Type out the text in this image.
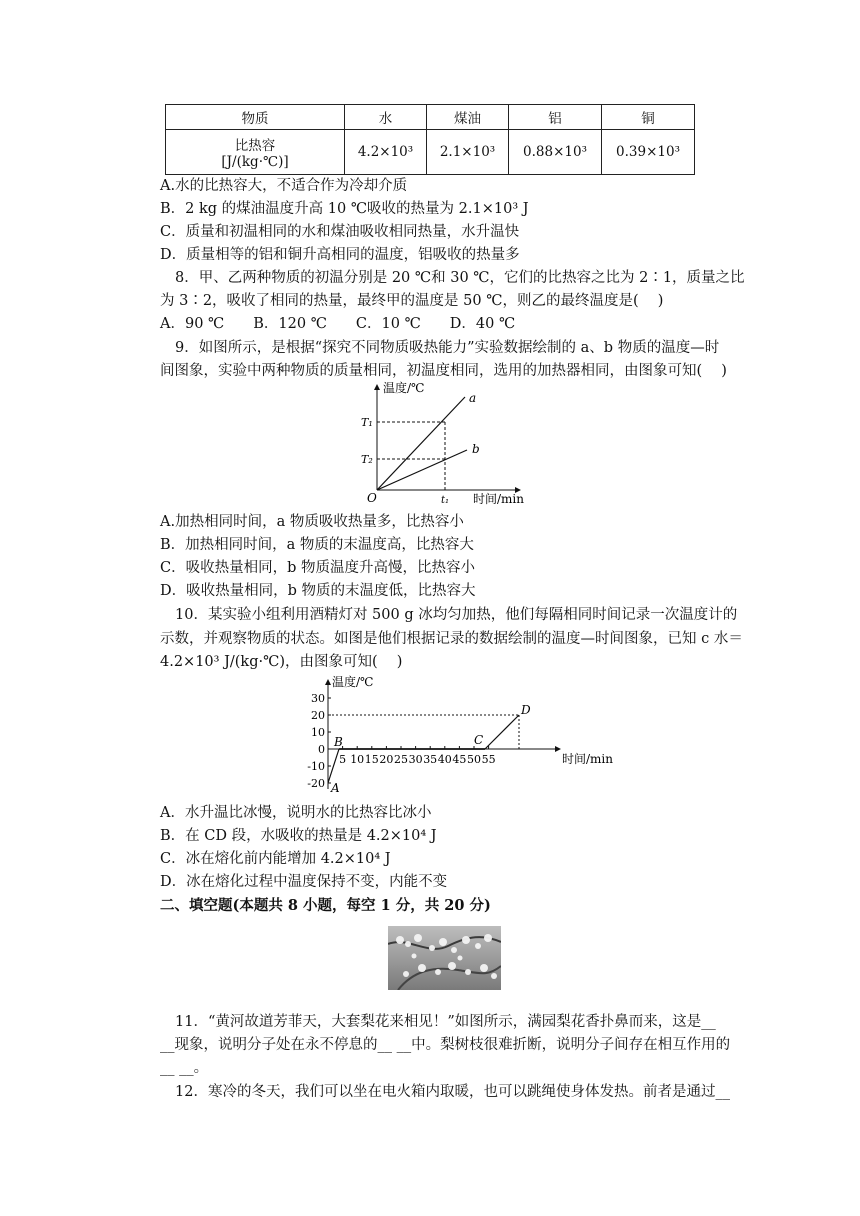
物质	水	煤油	铝	铜

比热容
[J/(kg·℃)]	4.2×10³	2.1×10³	0.88×10³	0.39×10³
A.水的比热容大，不适合作为冷却介质
B．2 kg 的煤油温度升高 10 ℃吸收的热量为 2.1×10³ J
C．质量和初温相同的水和煤油吸收相同热量，水升温快
D．质量相等的铝和铜升高相同的温度，铝吸收的热量多
8．甲、乙两种物质的初温分别是 20 ℃和 30 ℃，它们的比热容之比为 2∶1，质量之比
为 3∶2，吸收了相同的热量，最终甲的温度是 50 ℃，则乙的最终温度是(　 )
A．90 ℃　　B．120 ℃　　C．10 ℃　　D．40 ℃
9．如图所示，是根据“探究不同物质吸热能力”实验数据绘制的 a、b 物质的温度—时
间图象，实验中两种物质的质量相同，初温度相同，选用的加热器相同，由图象可知(　 )
温度/℃
时间/min
O	t₁
T₁
T₂
a
b
A.加热相同时间，a 物质吸收热量多，比热容小
B．加热相同时间，a 物质的末温度高，比热容大
C．吸收热量相同，b 物质温度升高慢，比热容小
D．吸收热量相同，b 物质的末温度低，比热容大
10．某实验小组利用酒精灯对 500 g 冰均匀加热，他们每隔相同时间记录一次温度计的
示数，并观察物质的状态。如图是他们根据记录的数据绘制的温度—时间图象，已知 c 水＝
4.2×10³ J/(kg·℃)，由图象可知(　 )
温度/℃
时间/min
30
20
10
0
-10
-20
5 10 15 20 25 30 35 40 45 50 55
A
B	C
D
A．水升温比冰慢，说明水的比热容比冰小
B．在 CD 段，水吸收的热量是 4.2×10⁴ J
C．冰在熔化前内能增加 4.2×10⁴ J
D．冰在熔化过程中温度保持不变，内能不变
二、填空题(本题共 8 小题，每空 1 分，共 20 分)
11．“黄河故道芳菲天，大套梨花来相见！”如图所示，满园梨花香扑鼻而来，这是__
__现象，说明分子处在永不停息的__ __中。梨树枝很难折断，说明分子间存在相互作用的
__ __。
12．寒冷的冬天，我们可以坐在电火箱内取暖，也可以跳绳使身体发热。前者是通过__
